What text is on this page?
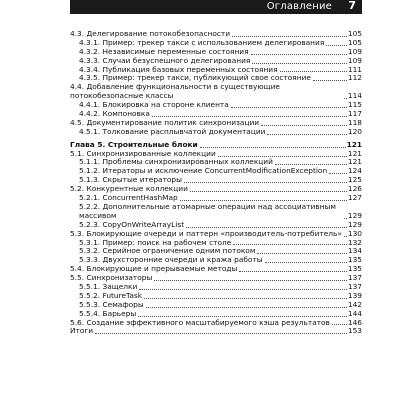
Оглавление 7
4.3. Делегирование потокобезопасности	105
4.3.1. Пример: трекер такси с использованием делегирования	105
4.3.2. Независимые переменные состояния	109
4.3.3. Случаи безуспешного делегирования	109
4.3.4. Публикация базовых переменных состояния	111
4.3.5. Пример: трекер такси, публикующий свое состояние	112
4.4. Добавление функциональности в существующие потокобезопасные классы	114
4.4.1. Блокировка на стороне клиента	115
4.4.2. Компоновка	117
4.5. Документирование политик синхронизации	118
4.5.1. Толкование расплывчатой документации	120
Глава 5. Строительные блоки	121
5.1. Синхронизированные коллекции	121
5.1.1. Проблемы синхронизированных коллекций	121
5.1.2. Итераторы и исключение ConcurrentModificationException	124
5.1.3. Скрытые итераторы	125
5.2. Конкурентные коллекции	126
5.2.1. ConcurrentHashMap	127
5.2.2. Дополнительные атомарные операции над ассоциативным массивом	129
5.2.3. CopyOnWriteArrayList	129
5.3. Блокирующие очереди и паттерн «производитель-потребитель» 130
5.3.1. Пример: поиск на рабочем столе	132
5.3.2. Серийное ограничение одним потоком	134
5.3.3. Двухсторонние очереди и кража работы	135
5.4. Блокирующие и прерываемые методы	135
5.5. Синхронизаторы	137
5.5.1. Защелки	137
5.5.2. FutureTask	139
5.5.3. Семафоры	142
5.5.4. Барьеры	144
5.6. Создание эффективного масштабируемого кэша результатов 146
Итоги	153
